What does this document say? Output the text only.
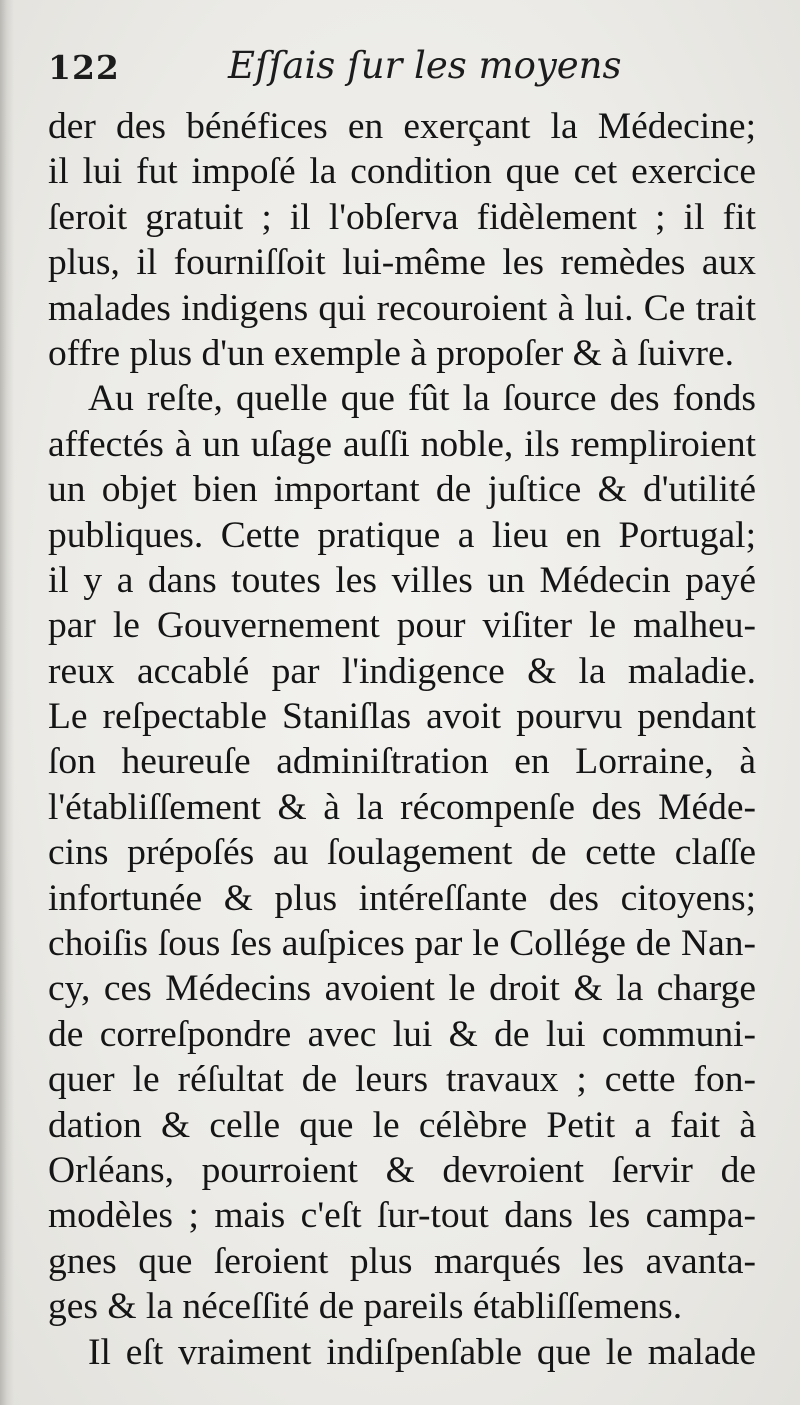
122	Eſſais ſur les moyens
der des bénéfices en exerçant la Médecine;
il lui fut impoſé la condition que cet exercice
ſeroit gratuit ; il l'obſerva fidèlement ; il fit
plus, il fourniſſoit lui-même les remèdes aux
malades indigens qui recouroient à lui. Ce trait
offre plus d'un exemple à propoſer & à ſuivre.
Au reſte, quelle que fût la ſource des fonds
affectés à un uſage auſſi noble, ils rempliroient
un objet bien important de juſtice & d'utilité
publiques. Cette pratique a lieu en Portugal;
il y a dans toutes les villes un Médecin payé
par le Gouvernement pour viſiter le malheu-
reux accablé par l'indigence & la maladie.
Le reſpectable Staniſlas avoit pourvu pendant
ſon heureuſe adminiſtration en Lorraine, à
l'établiſſement & à la récompenſe des Méde-
cins prépoſés au ſoulagement de cette claſſe
infortunée & plus intéreſſante des citoyens;
choiſis ſous ſes auſpices par le Collége de Nan-
cy, ces Médecins avoient le droit & la charge
de correſpondre avec lui & de lui communi-
quer le réſultat de leurs travaux ; cette fon-
dation & celle que le célèbre Petit a fait à
Orléans, pourroient & devroient ſervir de
modèles ; mais c'eſt ſur-tout dans les campa-
gnes que ſeroient plus marqués les avanta-
ges & la néceſſité de pareils établiſſemens.
Il eſt vraiment indiſpenſable que le malade
